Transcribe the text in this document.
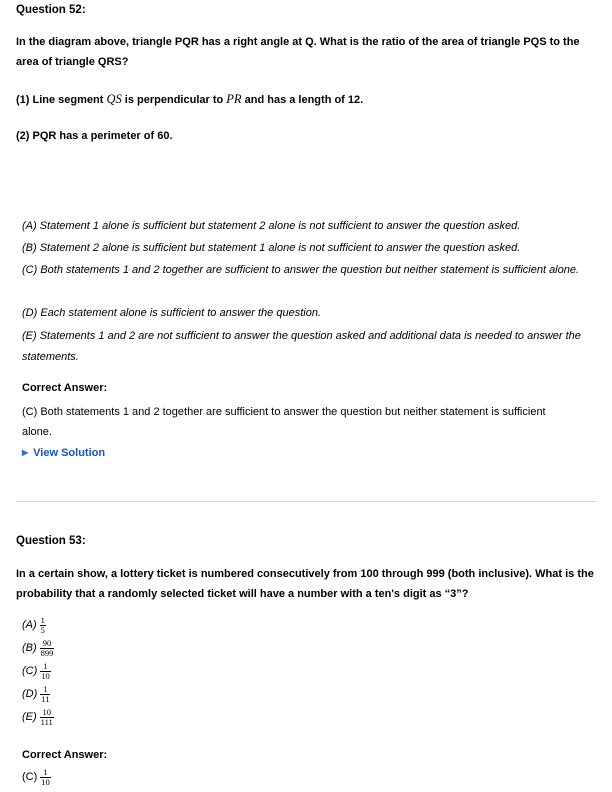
Question 52:
In the diagram above, triangle PQR has a right angle at Q. What is the ratio of the area of triangle PQS to the area of triangle QRS?
(1) Line segment QS is perpendicular to PR and has a length of 12.
(2) PQR has a perimeter of 60.
(A) Statement 1 alone is sufficient but statement 2 alone is not sufficient to answer the question asked.
(B) Statement 2 alone is sufficient but statement 1 alone is not sufficient to answer the question asked.
(C) Both statements 1 and 2 together are sufficient to answer the question but neither statement is sufficient alone.
(D) Each statement alone is sufficient to answer the question.
(E) Statements 1 and 2 are not sufficient to answer the question asked and additional data is needed to answer the statements.
Correct Answer:
(C) Both statements 1 and 2 together are sufficient to answer the question but neither statement is sufficient alone.
▶ View Solution
Question 53:
In a certain show, a lottery ticket is numbered consecutively from 100 through 999 (both inclusive). What is the probability that a randomly selected ticket will have a number with a ten's digit as “3”?
$(A) \frac{1}{5}$
$(B) \frac{90}{899}$
$(C) \frac{1}{10}$
$(D) \frac{1}{11}$
$(E) \frac{10}{111}$
Correct Answer:
$(C) \frac{1}{10}$
